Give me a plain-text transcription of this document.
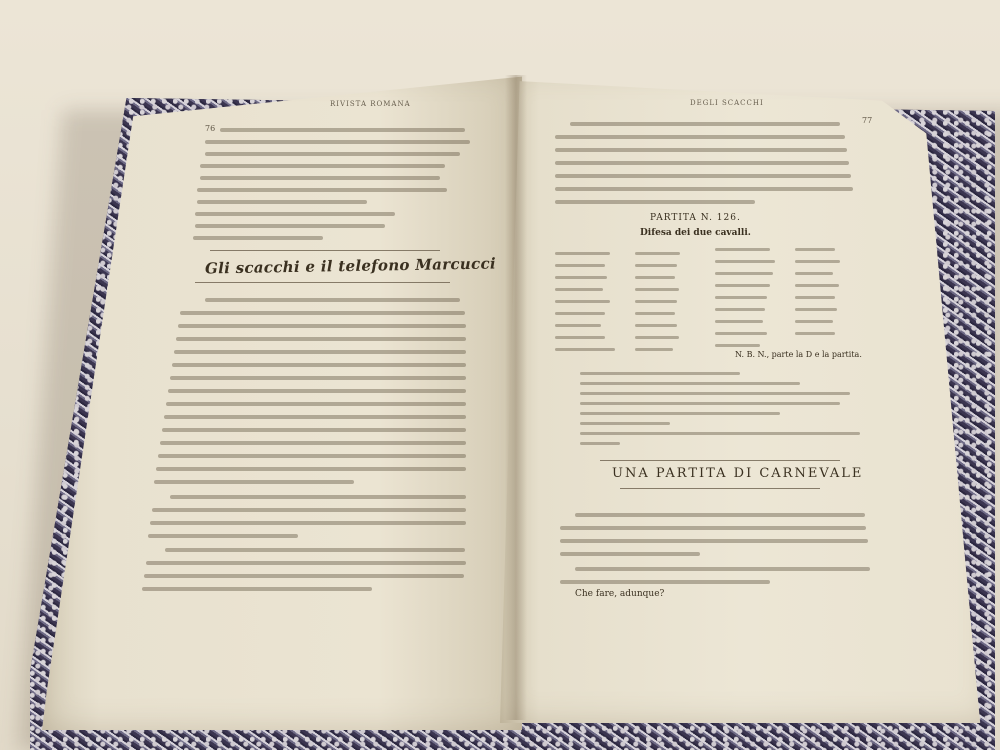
RIVISTA ROMANA
76
Gli scacchi e il telefono Marcucci
DEGLI SCACCHI
77
PARTITA N. 126.
Difesa dei due cavalli.
N. B. N., parte la D e la partita.
UNA PARTITA DI CARNEVALE
Che fare, adunque?
